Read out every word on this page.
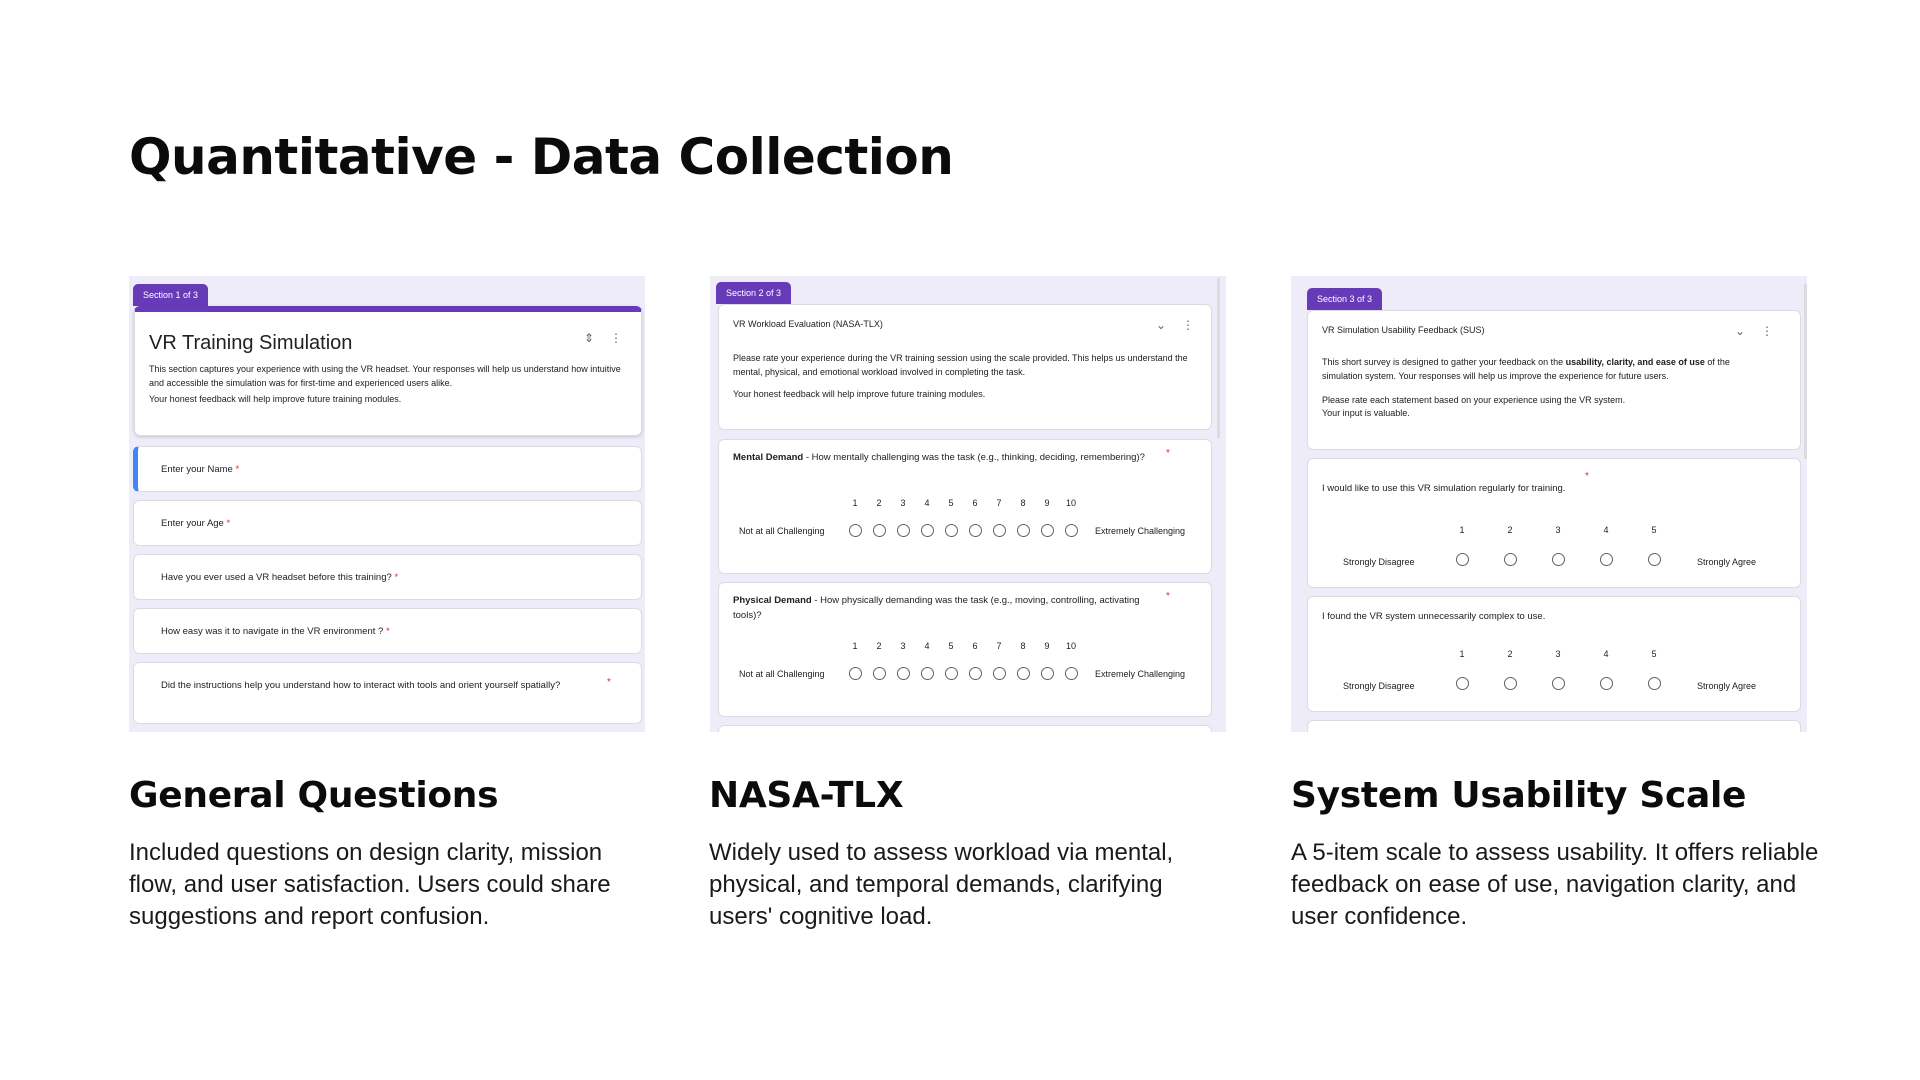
Quantitative - Data Collection
Section 1 of 3
VR Training Simulation	⇕ ⋮
This section captures your experience with using the VR headset. Your responses will help us understand how intuitive and accessible the simulation was for first-time and experienced users alike.
Your honest feedback will help improve future training modules.
Enter your Name *
Enter your Age *
Have you ever used a VR headset before this training? *
How easy was it to navigate in the VR environment ? *
Did the instructions help you understand how to interact with tools and orient yourself spatially?	*
Section 2 of 3
VR Workload Evaluation (NASA-TLX)	⌄ ⋮
Please rate your experience during the VR training session using the scale provided. This helps us understand the mental, physical, and emotional workload involved in completing the task.
Your honest feedback will help improve future training modules.
Mental Demand - How mentally challenging was the task (e.g., thinking, deciding, remembering)?	*
1	2	3	4	5	6	7	8	9	10
Not at all Challenging	Extremely Challenging
Physical Demand - How physically demanding was the task (e.g., moving, controlling, activating tools)?
*
1	2	3	4	5	6	7	8	9	10
Not at all Challenging	Extremely Challenging
Section 3 of 3
VR Simulation Usability Feedback (SUS)	⌄ ⋮
This short survey is designed to gather your feedback on the usability, clarity, and ease of use of the simulation system. Your responses will help us improve the experience for future users.
Please rate each statement based on your experience using the VR system.
Your input is valuable.
I would like to use this VR simulation regularly for training.
*
1	2	3	4	5
Strongly Disagree	Strongly Agree
I found the VR system unnecessarily complex to use.
1	2	3	4	5
Strongly Disagree	Strongly Agree
General Questions
Included questions on design clarity, mission flow, and user satisfaction. Users could share suggestions and report confusion.
NASA-TLX
Widely used to assess workload via mental, physical, and temporal demands, clarifying users' cognitive load.
System Usability Scale
A 5-item scale to assess usability. It offers reliable feedback on ease of use, navigation clarity, and user confidence.
